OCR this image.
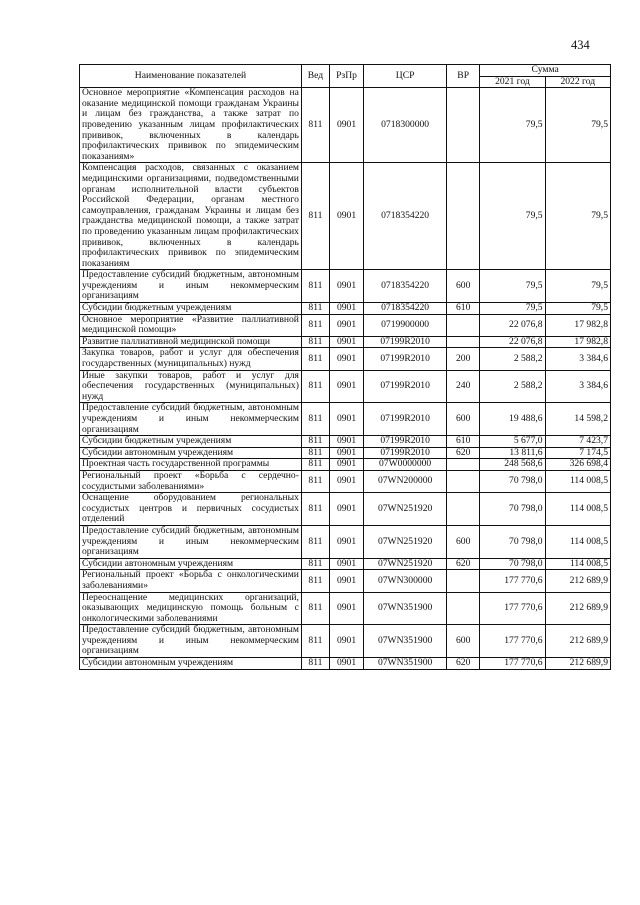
434
Наименование показателей	Вед	РзПр	ЦСР	ВР	Сумма	
					2021 год	2022 год
Основное мероприятие «Компенсация расходов на оказание медицинской помощи гражданам Украины и лицам без гражданства, а также затрат по проведению указанным лицам профилактических прививок, включенных в календарь профилактических прививок по эпидемическим показаниям»	811	0901	0718300000		79,5	79,5
Компенсация расходов, связанных с оказанием медицинскими организациями, подведомственными органам исполнительной власти субъектов Российской Федерации, органам местного самоуправления, гражданам Украины и лицам без гражданства медицинской помощи, а также затрат по проведению указанным лицам профилактических прививок, включенных в календарь профилактических прививок по эпидемическим показаниям	811	0901	0718354220		79,5	79,5
Предоставление субсидий бюджетным, автономным учреждениям и иным некоммерческим организациям	811	0901	0718354220	600	79,5	79,5
Субсидии бюджетным учреждениям	811	0901	0718354220	610	79,5	79,5
Основное мероприятие «Развитие паллиативной медицинской помощи»	811	0901	0719900000		22 076,8	17 982,8
Развитие паллиативной медицинской помощи	811	0901	07199R2010		22 076,8	17 982,8
Закупка товаров, работ и услуг для обеспечения государственных (муниципальных) нужд	811	0901	07199R2010	200	2 588,2	3 384,6
Иные закупки товаров, работ и услуг для обеспечения государственных (муниципальных) нужд	811	0901	07199R2010	240	2 588,2	3 384,6
Предоставление субсидий бюджетным, автономным учреждениям и иным некоммерческим организациям	811	0901	07199R2010	600	19 488,6	14 598,2
Субсидии бюджетным учреждениям	811	0901	07199R2010	610	5 677,0	7 423,7
Субсидии автономным учреждениям	811	0901	07199R2010	620	13 811,6	7 174,5
Проектная часть государственной программы	811	0901	07W0000000		248 568,6	326 698,4
Региональный проект «Борьба с сердечно-сосудистыми заболеваниями»	811	0901	07WN200000		70 798,0	114 008,5
Оснащение оборудованием региональных сосудистых центров и первичных сосудистых отделений	811	0901	07WN251920		70 798,0	114 008,5
Предоставление субсидий бюджетным, автономным учреждениям и иным некоммерческим организациям	811	0901	07WN251920	600	70 798,0	114 008,5
Субсидии автономным учреждениям	811	0901	07WN251920	620	70 798,0	114 008,5
Региональный проект «Борьба с онкологическими заболеваниями»	811	0901	07WN300000		177 770,6	212 689,9
Переоснащение медицинских организаций, оказывающих медицинскую помощь больным с онкологическими заболеваниями	811	0901	07WN351900		177 770,6	212 689,9
Предоставление субсидий бюджетным, автономным учреждениям и иным некоммерческим организациям	811	0901	07WN351900	600	177 770,6	212 689,9
Субсидии автономным учреждениям	811	0901	07WN351900	620	177 770,6	212 689,9
